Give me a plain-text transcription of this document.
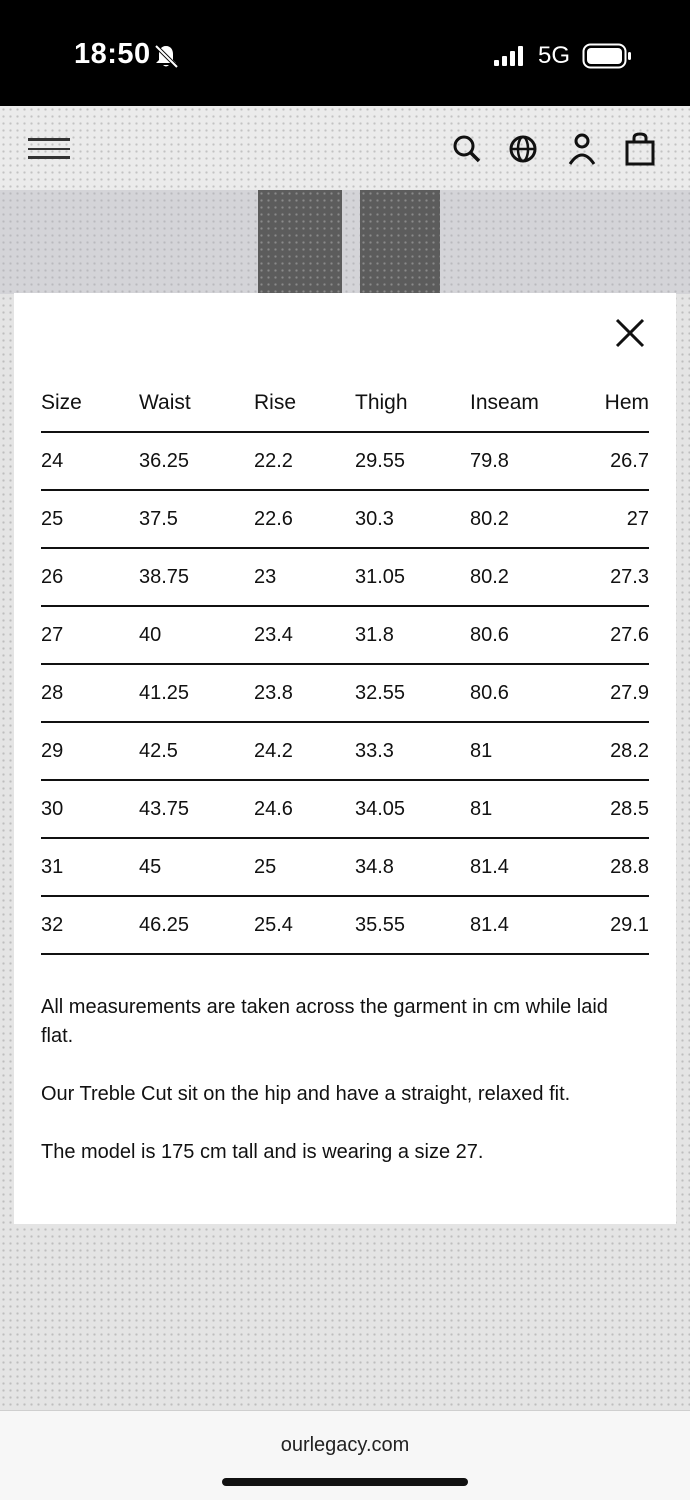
18:50	5G
Size	Waist	Rise	Thigh	Inseam	Hem
24	36.25	22.2	29.55	79.8	26.7
25	37.5	22.6	30.3	80.2	27
26	38.75	23	31.05	80.2	27.3
27	40	23.4	31.8	80.6	27.6
28	41.25	23.8	32.55	80.6	27.9
29	42.5	24.2	33.3	81	28.2
30	43.75	24.6	34.05	81	28.5
31	45	25	34.8	81.4	28.8
32	46.25	25.4	35.55	81.4	29.1

All measurements are taken across the garment in cm while laid flat.

Our Treble Cut sit on the hip and have a straight, relaxed fit.

The model is 175 cm tall and is wearing a size 27.

ourlegacy.com
